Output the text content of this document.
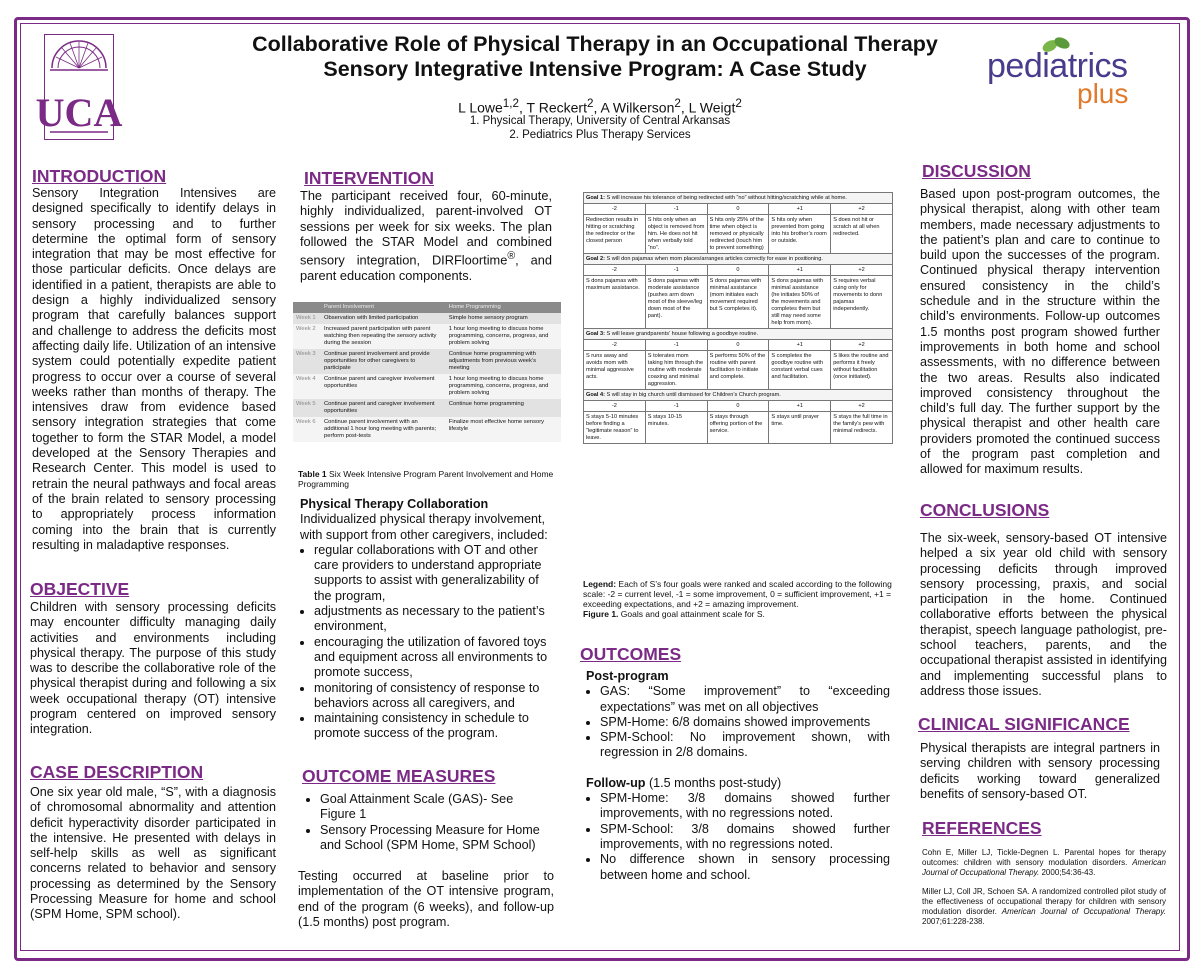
UCA
Collaborative Role of Physical Therapy in an Occupational Therapy
Sensory Integrative Intensive Program: A Case Study
L Lowe$^{1,2}$, T Reckert$^2$, A Wilkerson$^2$, L Weigt$^2$
1. Physical Therapy, University of Central Arkansas
2. Pediatrics Plus Therapy Services
pediatrics
plus
INTRODUCTION
Sensory Integration Intensives are designed specifically to identify delays in sensory processing and to further determine the optimal form of sensory integration that may be most effective for those particular deficits. Once delays are identified in a patient, therapists are able to design a highly individualized sensory program that carefully balances support and challenge to address the deficits most affecting daily life. Utilization of an intensive system could potentially expedite patient progress to occur over a course of several weeks rather than months of therapy. The intensives draw from evidence based sensory integration strategies that come together to form the STAR Model, a model developed at the Sensory Therapies and Research Center. This model is used to retrain the neural pathways and focal areas of the brain related to sensory processing to appropriately process information coming into the brain that is currently resulting in maladaptive responses.
OBJECTIVE
Children with sensory processing deficits may encounter difficulty managing daily activities and environments including physical therapy. The purpose of this study was to describe the collaborative role of the physical therapist during and following a six week occupational therapy (OT) intensive program centered on improved sensory integration.
CASE DESCRIPTION
One six year old male, “S”, with a diagnosis of chromosomal abnormality and attention deficit hyperactivity disorder participated in the intensive. He presented with delays in self-help skills as well as significant concerns related to behavior and sensory processing as determined by the Sensory Processing Measure for home and school (SPM Home, SPM school).
INTERVENTION
The participant received four, 60-minute, highly individualized, parent-involved OT sessions per week for six weeks. The plan followed the STAR Model and combined sensory integration, DIRFloortime®, and parent education components.
	Parent Involvement	Home Programming
Week 1	Observation with limited participation	Simple home sensory program
Week 2	Increased parent participation with parent watching then repeating the sensory activity during the session	1 hour long meeting to discuss home programming, concerns, progress, and problem solving
Week 3	Continue parent involvement and provide opportunities for other caregivers to participate	Continue home programming with adjustments from previous week’s meeting
Week 4	Continue parent and caregiver involvement opportunities	1 hour long meeting to discuss home programming, concerns, progress, and problem solving
Week 5	Continue parent and caregiver involvement opportunities	Continue home programming
Week 6	Continue parent involvement with an additional 1 hour long meeting with parents; perform post-tests	Finalize most effective home sensory lifestyle
Table 1 Six Week Intensive Program Parent Involvement and Home Programming
Physical Therapy Collaboration
Individualized physical therapy involvement, with support from other caregivers, included:
• regular collaborations with OT and other care providers to understand appropriate supports to assist with generalizability of the program,
• adjustments as necessary to the patient’s environment,
• encouraging the utilization of favored toys and equipment across all environments to promote success,
• monitoring of consistency of response to behaviors across all caregivers, and
• maintaining consistency in schedule to promote success of the program.
OUTCOME MEASURES
• Goal Attainment Scale (GAS)- See Figure 1
• Sensory Processing Measure for Home and School (SPM Home, SPM School)
Testing occurred at baseline prior to implementation of the OT intensive program, end of the program (6 weeks), and follow-up (1.5 months) post program.
Goal 1: S will increase his tolerance of being redirected with “no” without hitting/scratching while at home.				
-2	-1	0	+1	+2
Redirection results in hitting or scratching the redirector or the closest person	S hits only when an object is removed from him. He does not hit when verbally told “no”.	S hits only 25% of the time when object is removed or physically redirected (touch him to prevent something)	S hits only when prevented from going into his brother’s room or outside.	S does not hit or scratch at all when redirected.
Goal 2: S will don pajamas when mom places/arranges articles correctly for ease in positioning.				
-2	-1	0	+1	+2
S dons pajamas with maximum assistance.	S dons pajamas with moderate assistance (pushes arm down most of the sleeve/leg down most of the pant).	S dons pajamas with minimal assistance (mom initiates each movement required but S completes it).	S dons pajamas with minimal assistance (he initiates 50% of the movements and completes them but still may need some help from mom).	S requires verbal cuing only for movements to donn pajamas independently.
Goal 3: S will leave grandparents’ house following a goodbye routine.				
-2	-1	0	+1	+2
S runs away and avoids mom with minimal aggressive acts.	S tolerates mom taking him through the routine with moderate coaxing and minimal aggression.	S performs 50% of the routine with parent facilitation to initiate and complete.	S completes the goodbye routine with constant verbal cues and facilitation.	S likes the routine and performs it freely without facilitation (once initiated).
Goal 4: S will stay in big church until dismissed for Children’s Church program.				
-2	-1	0	+1	+2
S stays 5-10 minutes before finding a “legitimate reason” to leave.	S stays 10-15 minutes.	S stays through offering portion of the service.	S stays until prayer time.	S stays the full time in the family’s pew with minimal redirects.
Legend: Each of S’s four goals were ranked and scaled according to the following scale: -2 = current level, -1 = some improvement, 0 = sufficient improvement, +1 = exceeding expectations, and +2 = amazing improvement.
Figure 1. Goals and goal attainment scale for S.
OUTCOMES
Post-program
• GAS: “Some improvement” to “exceeding expectations” was met on all objectives
• SPM-Home: 6/8 domains showed improvements
• SPM-School: No improvement shown, with regression in 2/8 domains.
Follow-up (1.5 months post-study)
• SPM-Home: 3/8 domains showed further improvements, with no regressions noted.
• SPM-School: 3/8 domains showed further improvements, with no regressions noted.
• No difference shown in sensory processing between home and school.
DISCUSSION
Based upon post-program outcomes, the physical therapist, along with other team members, made necessary adjustments to the patient’s plan and care to continue to build upon the successes of the program. Continued physical therapy intervention ensured consistency in the child’s schedule and in the structure within the child’s environments. Follow-up outcomes 1.5 months post program showed further improvements in both home and school assessments, with no difference between the two areas. Results also indicated improved consistency throughout the child’s full day. The further support by the physical therapist and other health care providers promoted the continued success of the program past completion and allowed for maximum results.
CONCLUSIONS
The six-week, sensory-based OT intensive helped a six year old child with sensory processing deficits through improved sensory processing, praxis, and social participation in the home. Continued collaborative efforts between the physical therapist, speech language pathologist, pre-school teachers, parents, and the occupational therapist assisted in identifying and implementing successful plans to address those issues.
CLINICAL SIGNIFICANCE
Physical therapists are integral partners in serving children with sensory processing deficits working toward generalized benefits of sensory-based OT.
REFERENCES
Cohn E, Miller LJ, Tickle-Degnen L. Parental hopes for therapy outcomes: children with sensory modulation disorders. American Journal of Occupational Therapy. 2000;54:36-43.
Miller LJ, Coll JR, Schoen SA. A randomized controlled pilot study of the effectiveness of occupational therapy for children with sensory modulation disorder. American Journal of Occupational Therapy. 2007;61:228-238.
